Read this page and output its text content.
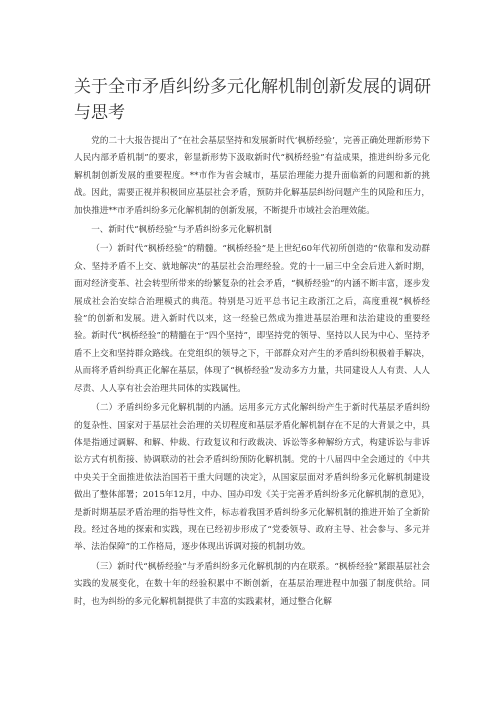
关于全市矛盾纠纷多元化解机制创新发展的调研与思考

党的二十大报告提出了“在社会基层坚持和发展新时代‘枫桥经验’，完善正确处理新形势下人民内部矛盾机制”的要求，彰显新形势下汲取新时代“枫桥经验”有益成果，推进纠纷多元化解机制创新发展的重要程度。**市作为省会城市，基层治理能力提升面临新的问题和新的挑战。因此，需要正视并积极回应基层社会矛盾，预防并化解基层纠纷问题产生的风险和压力，加快推进**市矛盾纠纷多元化解机制的创新发展，不断提升市域社会治理效能。

一、新时代“枫桥经验”与矛盾纠纷多元化解机制

（一）新时代“枫桥经验”的精髓。“枫桥经验”是上世纪60年代初所创造的“依靠和发动群众、坚持矛盾不上交、就地解决”的基层社会治理经验。党的十一届三中全会后进入新时期，面对经济变革、社会转型所带来的纷繁复杂的社会矛盾，“枫桥经验”的内涵不断丰富，逐步发展成社会治安综合治理模式的典范。特别是习近平总书记主政浙江之后，高度重视“枫桥经验”的创新和发展。进入新时代以来，这一经验已然成为推进基层治理和法治建设的重要经验。新时代“枫桥经验”的精髓在于“四个坚持”，即坚持党的领导、坚持以人民为中心、坚持矛盾不上交和坚持群众路线。在党组织的领导之下，干部群众对产生的矛盾纠纷积极着手解决，从而将矛盾纠纷真正化解在基层，体现了“枫桥经验”发动多方力量，共同建设人人有责、人人尽责、人人享有社会治理共同体的实践属性。

（二）矛盾纠纷多元化解机制的内涵。运用多元方式化解纠纷产生于新时代基层矛盾纠纷的复杂性、国家对于基层社会治理的关切程度和基层矛盾化解机制存在不足的大背景之中，具体是指通过调解、和解、仲裁、行政复议和行政裁决、诉讼等多种解纷方式，构建诉讼与非诉讼方式有机衔接、协调联动的社会矛盾纠纷预防化解机制。党的十八届四中全会通过的《中共中央关于全面推进依法治国若干重大问题的决定》，从国家层面对矛盾纠纷多元化解机制建设做出了整体部署；2015年12月，中办、国办印发《关于完善矛盾纠纷多元化解机制的意见》，是新时期基层矛盾治理的指导性文件，标志着我国矛盾纠纷多元化解机制的推进开始了全新阶段。经过各地的探索和实践，现在已经初步形成了“党委领导、政府主导、社会参与、多元并举、法治保障”的工作格局，逐步体现出诉调对接的机制功效。

（三）新时代“枫桥经验”与矛盾纠纷多元化解机制的内在联系。“枫桥经验”紧跟基层社会实践的发展变化，在数十年的经验积累中不断创新，在基层治理进程中加强了制度供给。同时，也为纠纷的多元化解机制提供了丰富的实践素材，通过整合化解
